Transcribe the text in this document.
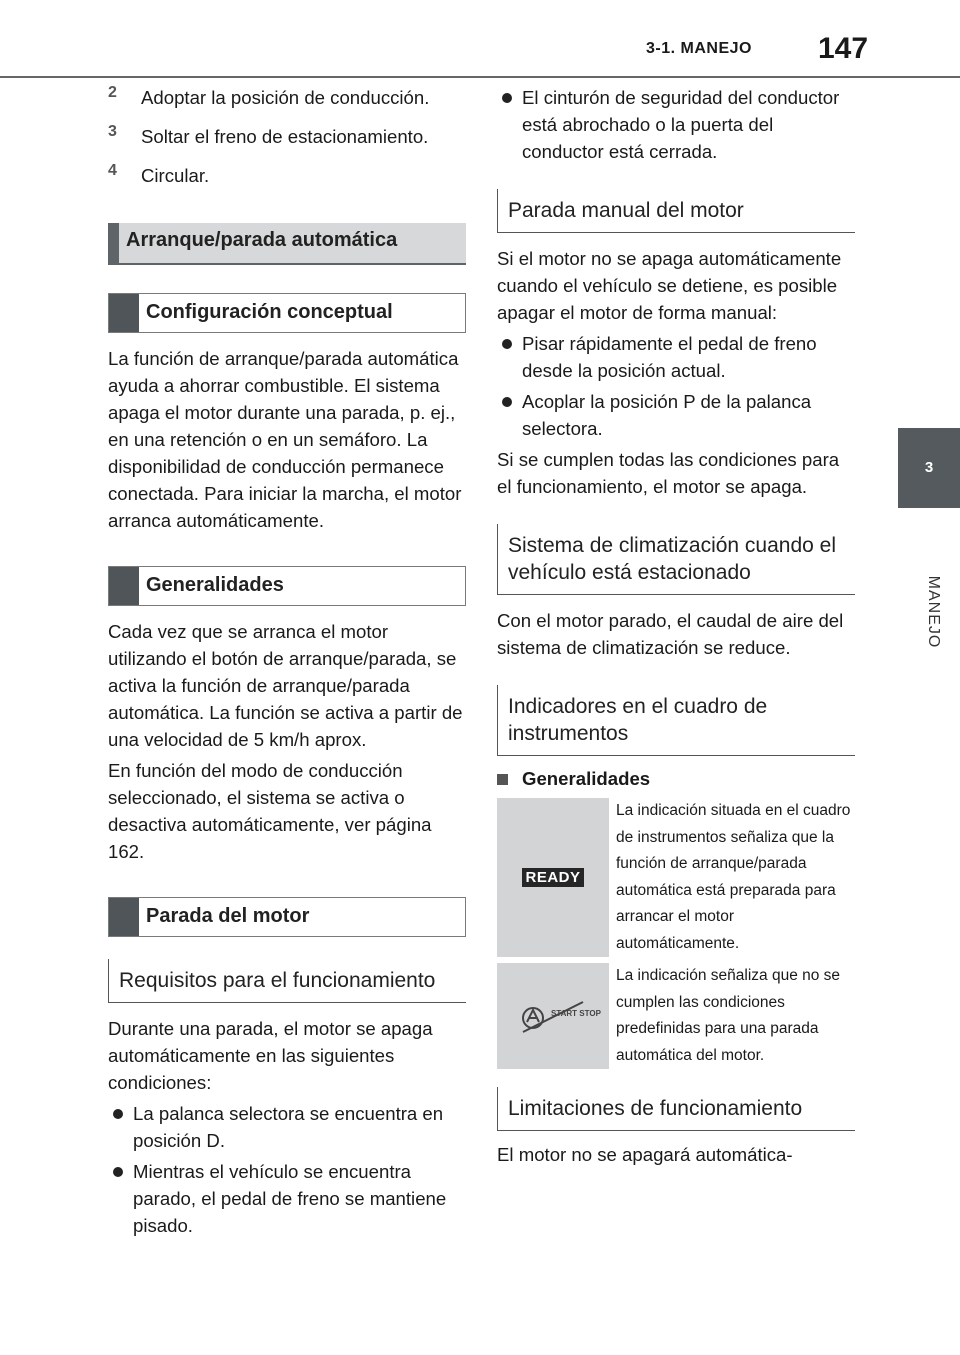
3-1. MANEJO 147
3
MANEJO
2	Adoptar la posición de conducción.

3	Soltar el freno de estacionamiento.

4	Circular.

Arranque/parada automática
Configuración conceptual

La función de arranque/parada automática ayuda a ahorrar combustible. El sistema apaga el motor durante una parada, p. ej., en una retención o en un semáforo. La disponibilidad de conducción permanece conectada. Para iniciar la marcha, el motor arranca automáticamente.

Generalidades

Cada vez que se arranca el motor utilizando el botón de arranque/parada, se activa la función de arranque/parada automática. La función se activa a partir de una velocidad de 5 km/h aprox.

En función del modo de conducción seleccionado, el sistema se activa o desactiva automáticamente, ver página 162.

Parada del motor
Requisitos para el funcionamiento

Durante una parada, el motor se apaga automáticamente en las siguientes condiciones:

La palanca selectora se encuentra en posición D.

Mientras el vehículo se encuentra parado, el pedal de freno se mantiene pisado.

El cinturón de seguridad del conductor está abrochado o la puerta del conductor está cerrada.

Parada manual del motor

Si el motor no se apaga automáticamente cuando el vehículo se detiene, es posible apagar el motor de forma manual:

Pisar rápidamente el pedal de freno desde la posición actual.

Acoplar la posición P de la palanca selectora.

Si se cumplen todas las condiciones para el funcionamiento, el motor se apaga.

Sistema de climatización cuando el vehículo está estacionado

Con el motor parado, el caudal de aire del sistema de climatización se reduce.

Indicadores en el cuadro de instrumentos
Generalidades
READY
La indicación situada en el cuadro de instrumentos señaliza que la función de arranque/parada automática está preparada para arrancar el motor automáticamente.
START STOP
La indicación señaliza que no se cumplen las condiciones predefinidas para una parada automática del motor.
Limitaciones de funcionamiento

El motor no se apagará automática-
